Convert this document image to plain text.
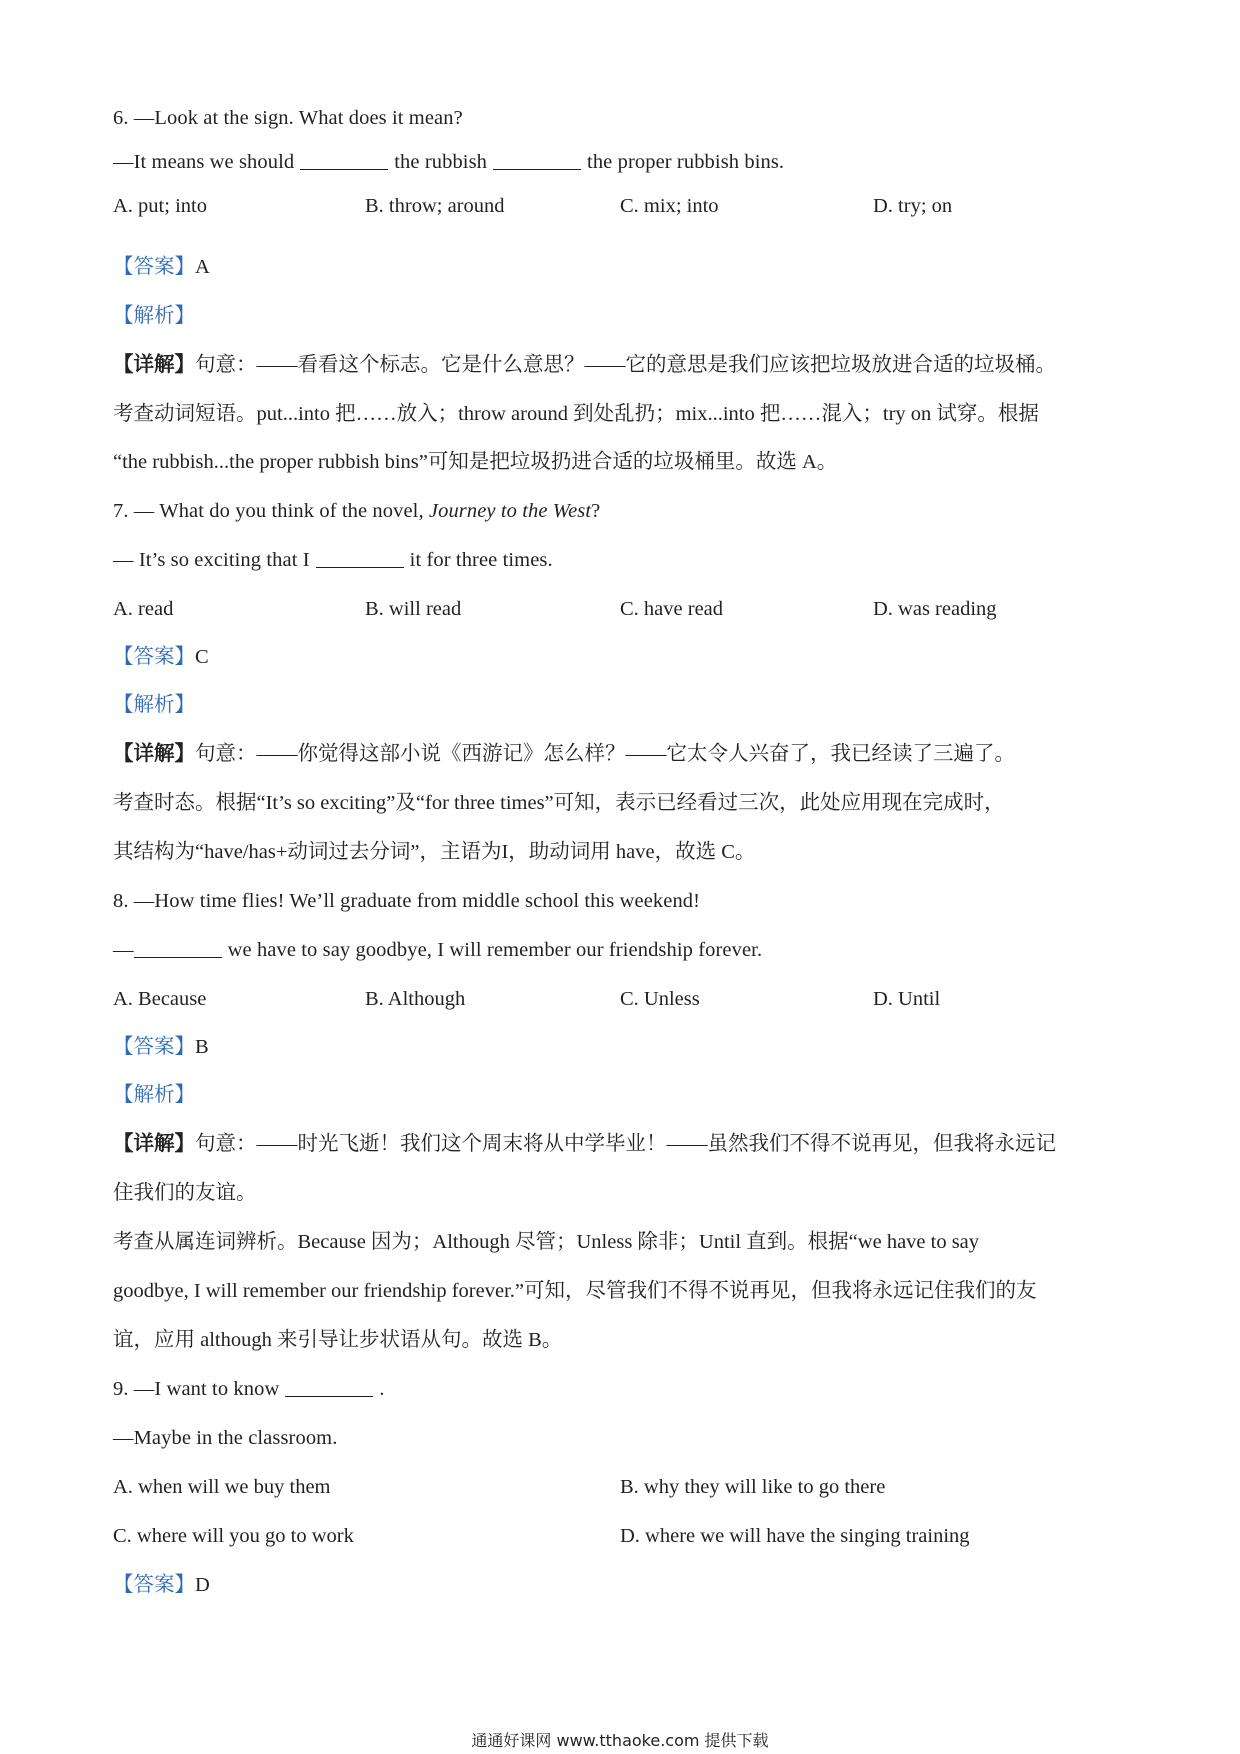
6. —Look at the sign. What does it mean?
—It means we should	the rubbish	the proper rubbish bins.
A. put; into	B. throw; around	C. mix; into	D. try; on
【答案】A
【解析】
【详解】句意：——看看这个标志。它是什么意思？——它的意思是我们应该把垃圾放进合适的垃圾桶。
考查动词短语。put...into 把……放入；throw around 到处乱扔；mix...into 把……混入；try on 试穿。根据
“the rubbish...the proper rubbish bins”可知是把垃圾扔进合适的垃圾桶里。故选 A。
7. — What do you think of the novel, Journey to the West?
— It’s so exciting that I	it for three times.
A. read	B. will read	C. have read	D. was reading
【答案】C
【解析】
【详解】句意：——你觉得这部小说《西游记》怎么样？——它太令人兴奋了，我已经读了三遍了。
考查时态。根据“It’s so exciting”及“for three times”可知，表示已经看过三次，此处应用现在完成时，
其结构为“have/has+动词过去分词”，主语为I，助动词用 have，故选 C。
8. —How time flies! We’ll graduate from middle school this weekend!
—	we have to say goodbye, I will remember our friendship forever.
A. Because	B. Although	C. Unless	D. Until
【答案】B
【解析】
【详解】句意：——时光飞逝！我们这个周末将从中学毕业！——虽然我们不得不说再见，但我将永远记
住我们的友谊。
考查从属连词辨析。Because 因为；Although 尽管；Unless 除非；Until 直到。根据“we have to say
goodbye, I will remember our friendship forever.”可知，尽管我们不得不说再见，但我将永远记住我们的友
谊，应用 although 来引导让步状语从句。故选 B。
9. —I want to know	.
—Maybe in the classroom.
A. when will we buy them	B. why they will like to go there
C. where will you go to work	D. where we will have the singing training
【答案】D
通通好课网 www.tthaoke.com 提供下载
